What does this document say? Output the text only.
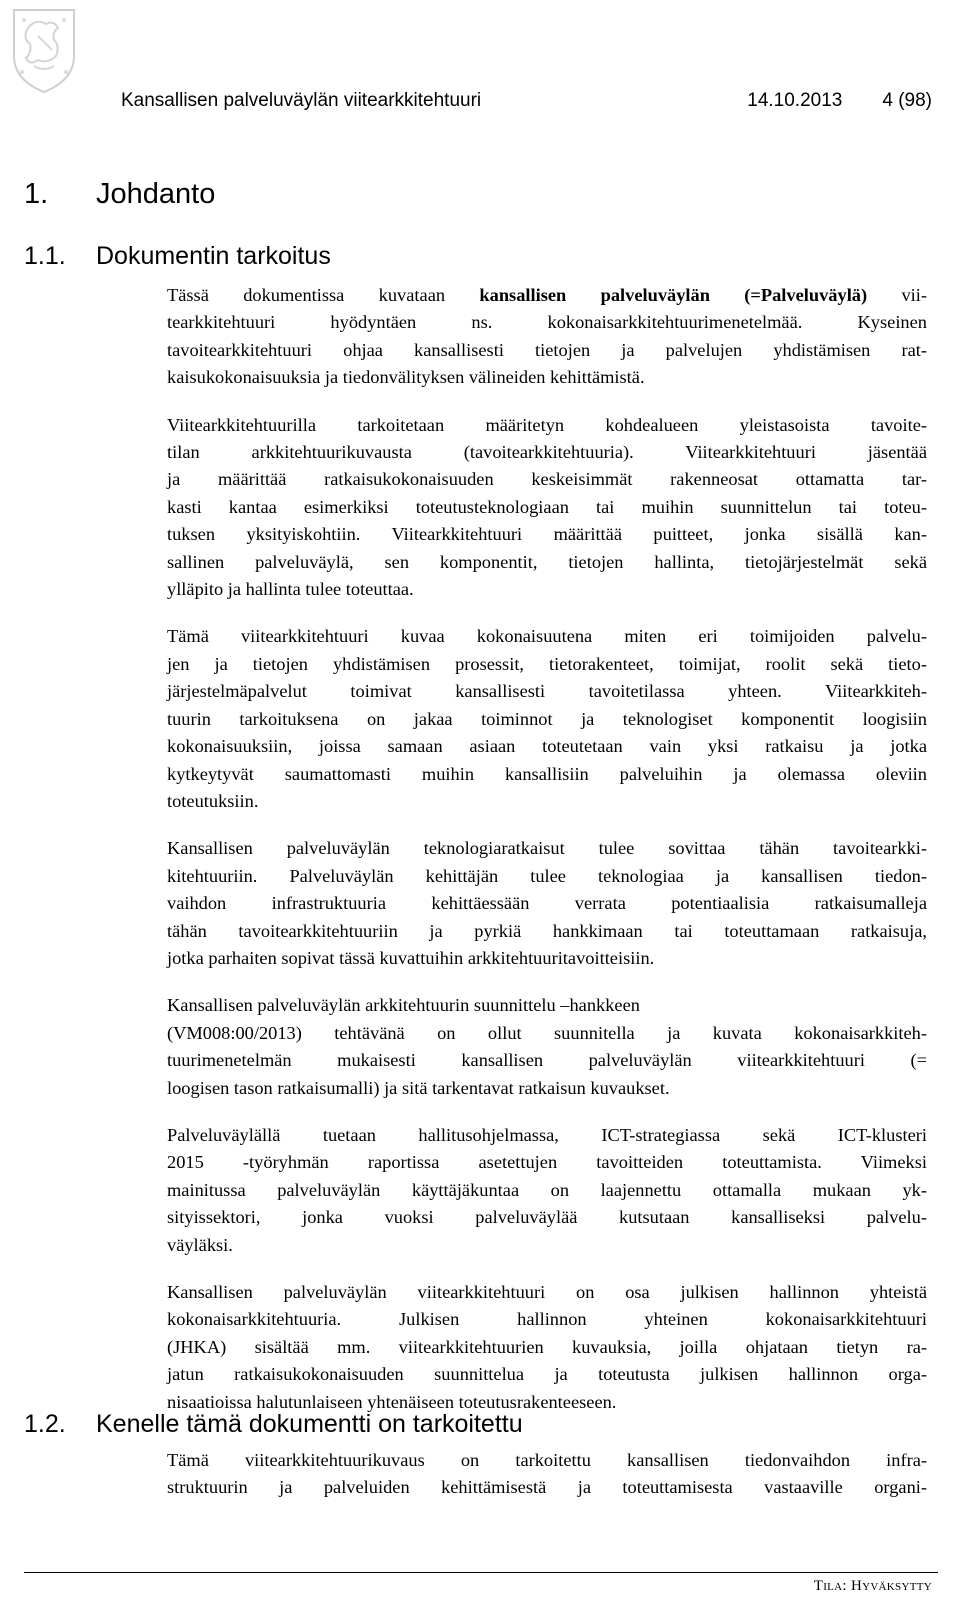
Kansallisen palveluväylän viitearkkitehtuuri	14.10.2013 4 (98)
1. Johdanto
1.1. Dokumentin tarkoitus

Tässä dokumentissa kuvataan kansallisen palveluväylän (=Palveluväylä) vii-
tearkkitehtuuri hyödyntäen ns. kokonaisarkkitehtuurimenetelmää. Kyseinen
tavoitearkkitehtuuri ohjaa kansallisesti tietojen ja palvelujen yhdistämisen rat-
kaisukokonaisuuksia ja tiedonvälityksen välineiden kehittämistä.

Viitearkkitehtuurilla tarkoitetaan määritetyn kohdealueen yleistasoista tavoite-
tilan arkkitehtuurikuvausta (tavoitearkkitehtuuria). Viitearkkitehtuuri jäsentää
ja määrittää ratkaisukokonaisuuden keskeisimmät rakenneosat ottamatta tar-
kasti kantaa esimerkiksi toteutusteknologiaan tai muihin suunnittelun tai toteu-
tuksen yksityiskohtiin. Viitearkkitehtuuri määrittää puitteet, jonka sisällä kan-
sallinen palveluväylä, sen komponentit, tietojen hallinta, tietojärjestelmät sekä
ylläpito ja hallinta tulee toteuttaa.

Tämä viitearkkitehtuuri kuvaa kokonaisuutena miten eri toimijoiden palvelu-
jen ja tietojen yhdistämisen prosessit, tietorakenteet, toimijat, roolit sekä tieto-
järjestelmäpalvelut toimivat kansallisesti tavoitetilassa yhteen. Viitearkkiteh-
tuurin tarkoituksena on jakaa toiminnot ja teknologiset komponentit loogisiin
kokonaisuuksiin, joissa samaan asiaan toteutetaan vain yksi ratkaisu ja jotka
kytkeytyvät saumattomasti muihin kansallisiin palveluihin ja olemassa oleviin
toteutuksiin.

Kansallisen palveluväylän teknologiaratkaisut tulee sovittaa tähän tavoitearkki-
kitehtuuriin. Palveluväylän kehittäjän tulee teknologiaa ja kansallisen tiedon-
vaihdon infrastruktuuria kehittäessään verrata potentiaalisia ratkaisumalleja
tähän tavoitearkkitehtuuriin ja pyrkiä hankkimaan tai toteuttamaan ratkaisuja,
jotka parhaiten sopivat tässä kuvattuihin arkkitehtuuritavoitteisiin.

Kansallisen palveluväylän arkkitehtuurin suunnittelu –hankkeen
(VM008:00/2013) tehtävänä on ollut suunnitella ja kuvata kokonaisarkkiteh-
tuurimenetelmän mukaisesti kansallisen palveluväylän viitearkkitehtuuri (=
loogisen tason ratkaisumalli) ja sitä tarkentavat ratkaisun kuvaukset.

Palveluväylällä tuetaan hallitusohjelmassa, ICT-strategiassa sekä ICT-klusteri
2015 -työryhmän raportissa asetettujen tavoitteiden toteuttamista. Viimeksi
mainitussa palveluväylän käyttäjäkuntaa on laajennettu ottamalla mukaan yk-
sityissektori, jonka vuoksi palveluväylää kutsutaan kansalliseksi palvelu-
väyläksi.

Kansallisen palveluväylän viitearkkitehtuuri on osa julkisen hallinnon yhteistä
kokonaisarkkitehtuuria. Julkisen hallinnon yhteinen kokonaisarkkitehtuuri
(JHKA) sisältää mm. viitearkkitehtuurien kuvauksia, joilla ohjataan tietyn ra-
jatun ratkaisukokonaisuuden suunnittelua ja toteutusta julkisen hallinnon orga-
nisaatioissa halutunlaiseen yhtenäiseen toteutusrakenteeseen.

1.2. Kenelle tämä dokumentti on tarkoitettu

Tämä viitearkkitehtuurikuvaus on tarkoitettu kansallisen tiedonvaihdon infra-
struktuurin ja palveluiden kehittämisestä ja toteuttamisesta vastaaville organi-

Tila: Hyväksytty
